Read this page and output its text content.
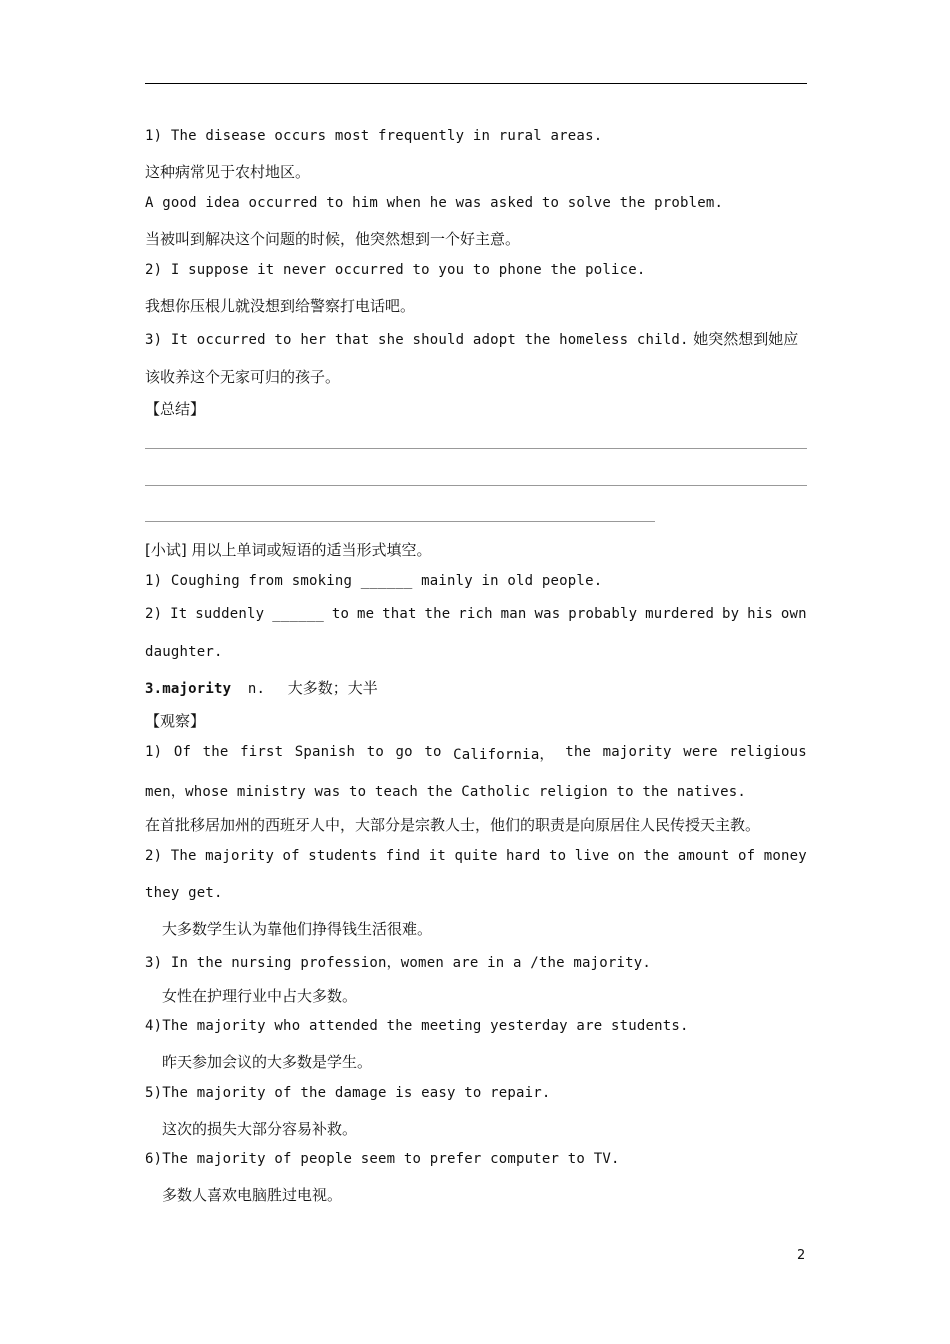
1) The disease occurs most frequently in rural areas.
这种病常见于农村地区。
A good idea occurred to him when he was asked to solve the problem.
当被叫到解决这个问题的时候，他突然想到一个好主意。
2) I suppose it never occurred to you to phone the police.
我想你压根儿就没想到给警察打电话吧。
3) It occurred to her that she should adopt the homeless child. 她突然想到她应
该收养这个无家可归的孩子。
【总结】
[小试] 用以上单词或短语的适当形式填空。
1) Coughing from smoking ______ mainly in old people.
2) It suddenly ______ to me that the rich man was probably murdered by his own
daughter.
3.majority n. 大多数；大半
【观察】
1) Of the first Spanish to go to California， the majority were religious
men，whose ministry was to teach the Catholic religion to the natives.
在首批移居加州的西班牙人中，大部分是宗教人士，他们的职责是向原居住人民传授天主教。
2) The majority of students find it quite hard to live on the amount of money
they get.
大多数学生认为靠他们挣得钱生活很难。
3) In the nursing profession，women are in a /the majority.
女性在护理行业中占大多数。
4)The majority who attended the meeting yesterday are students.
昨天参加会议的大多数是学生。
5)The majority of the damage is easy to repair.
这次的损失大部分容易补救。
6)The majority of people seem to prefer computer to TV.
多数人喜欢电脑胜过电视。
2
